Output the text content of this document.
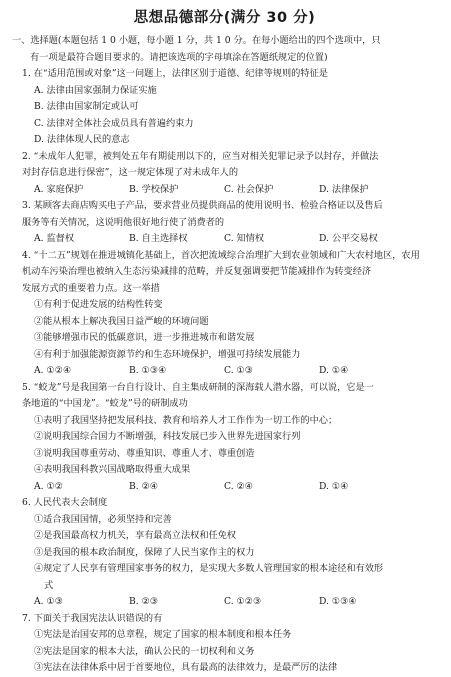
思想品德部分(满分 30 分)

一、选择题(本题包括 1 0 小题，每小题 1 分，共 1 0 分。在每小题给出的四个选项中，只

有一项是最符合题目要求的。请把该选项的字母填涂在答题纸规定的位置)

1. 在“适用范围或对象”这一问题上，法律区别于道德、纪律等规则的特征是

A. 法律由国家强制力保证实施

B. 法律由国家制定或认可

C. 法律对全体社会成员具有普遍约束力

D. 法律体现人民的意志

2. “未成年人犯罪，被判处五年有期徒刑以下的，应当对相关犯罪记录予以封存，并做法

对封存信息进行保密”，这一规定体现了对未成年人的

A. 家庭保护	B. 学校保护	C. 社会保护	D. 法律保护

3. 某顾客去商店购买电子产品，要求营业员提供商品的使用说明书、检验合格证以及售后

服务等有关情况，这说明他很好地行使了消费者的

A. 监督权	B. 自主选择权	C. 知情权	D. 公平交易权

4. “十二五”规划在推进城镇化基础上，首次把流域综合治理扩大到农业领域和广大农村地区，农用

机动车污染治理也被纳入生态污染减排的范畴，并反复强调要把节能减排作为转变经济

发展方式的重要着力点。这一举措

①有利于促进发展的结构性转变

②能从根本上解决我国日益严峻的环境问题

③能够增强市民的低碳意识，进一步推进城市和谐发展

④有利于加强能源资源节约和生态环境保护，增强可持续发展能力

A. ①②④	B. ①③④	C. ①③	D. ①④

5. “蛟龙”号是我国第一台自行设计、自主集成研制的深海载人潜水器，可以说，它是一

条地道的“中国龙”。“蛟龙”号的研制成功

①表明了我国坚持把发展科技、教育和培养人才工作作为一切工作的中心；

②说明我国综合国力不断增强，科技发展已步入世界先进国家行列

③说明我国尊重劳动、尊重知识、尊重人才、尊重创造

④表明我国科教兴国战略取得重大成果

A. ①②	B. ②④	C. ②④	D. ①④

6. 人民代表大会制度

①适合我国国情，必须坚持和完善

②是我国最高权力机关，享有最高立法权和任免权

③是我国的根本政治制度，保障了人民当家作主的权力

④规定了人民享有管理国家事务的权力，是实现大多数人管理国家的根本途径和有效形

式

A. ①③	B. ②③	C. ①②③	D. ①③④

7. 下面关于我国宪法认识错误的有

①宪法是治国安邦的总章程，规定了国家的根本制度和根本任务

②宪法是国家的根本大法，确认公民的一切权利和义务

③宪法在法律体系中居于首要地位，具有最高的法律效力，是最严厉的法律
